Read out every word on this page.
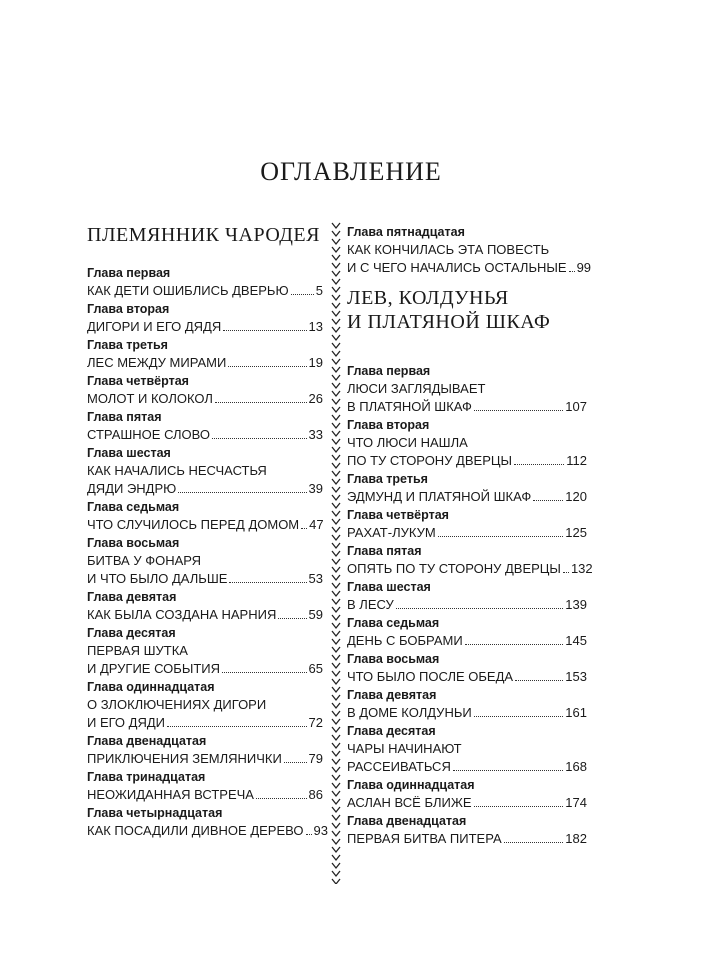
ОГЛАВЛЕНИЕ
ПЛЕМЯННИК ЧАРОДЕЯ
Глава первая
КАК ДЕТИ ОШИБЛИСЬ ДВЕРЬЮ 5
Глава вторая
ДИГОРИ И ЕГО ДЯДЯ	13
Глава третья
ЛЕС МЕЖДУ МИРАМИ	19
Глава четвёртая
МОЛОТ И КОЛОКОЛ	26
Глава пятая
СТРАШНОЕ СЛОВО	33
Глава шестая
КАК НАЧАЛИСЬ НЕСЧАСТЬЯ
ДЯДИ ЭНДРЮ	39
Глава седьмая
ЧТО СЛУЧИЛОСЬ ПЕРЕД ДОМОМ 47
Глава восьмая
БИТВА У ФОНАРЯ
И ЧТО БЫЛО ДАЛЬШЕ	53
Глава девятая
КАК БЫЛА СОЗДАНА НАРНИЯ 59
Глава десятая
ПЕРВАЯ ШУТКА
И ДРУГИЕ СОБЫТИЯ	65
Глава одиннадцатая
О ЗЛОКЛЮЧЕНИЯХ ДИГОРИ
И ЕГО ДЯДИ	72
Глава двенадцатая
ПРИКЛЮЧЕНИЯ ЗЕМЛЯНИЧКИ 79
Глава тринадцатая
НЕОЖИДАННАЯ ВСТРЕЧА	86
Глава четырнадцатая
КАК ПОСАДИЛИ ДИВНОЕ ДЕРЕВО 93
Глава пятнадцатая
КАК КОНЧИЛАСЬ ЭТА ПОВЕСТЬ
И С ЧЕГО НАЧАЛИСЬ ОСТАЛЬНЫЕ 99
ЛЕВ, КОЛДУНЬЯ
И ПЛАТЯНОЙ ШКАФ
Глава первая
ЛЮСИ ЗАГЛЯДЫВАЕТ
В ПЛАТЯНОЙ ШКАФ	107
Глава вторая
ЧТО ЛЮСИ НАШЛА
ПО ТУ СТОРОНУ ДВЕРЦЫ	112
Глава третья
ЭДМУНД И ПЛАТЯНОЙ ШКАФ	120
Глава четвёртая
РАХАТ-ЛУКУМ	125
Глава пятая
ОПЯТЬ ПО ТУ СТОРОНУ ДВЕРЦЫ 132
Глава шестая
В ЛЕСУ	139
Глава седьмая
ДЕНЬ С БОБРАМИ	145
Глава восьмая
ЧТО БЫЛО ПОСЛЕ ОБЕДА	153
Глава девятая
В ДОМЕ КОЛДУНЬИ	161
Глава десятая
ЧАРЫ НАЧИНАЮТ
РАССЕИВАТЬСЯ	168
Глава одиннадцатая
АСЛАН ВСЁ БЛИЖЕ	174
Глава двенадцатая
ПЕРВАЯ БИТВА ПИТЕРА	182
